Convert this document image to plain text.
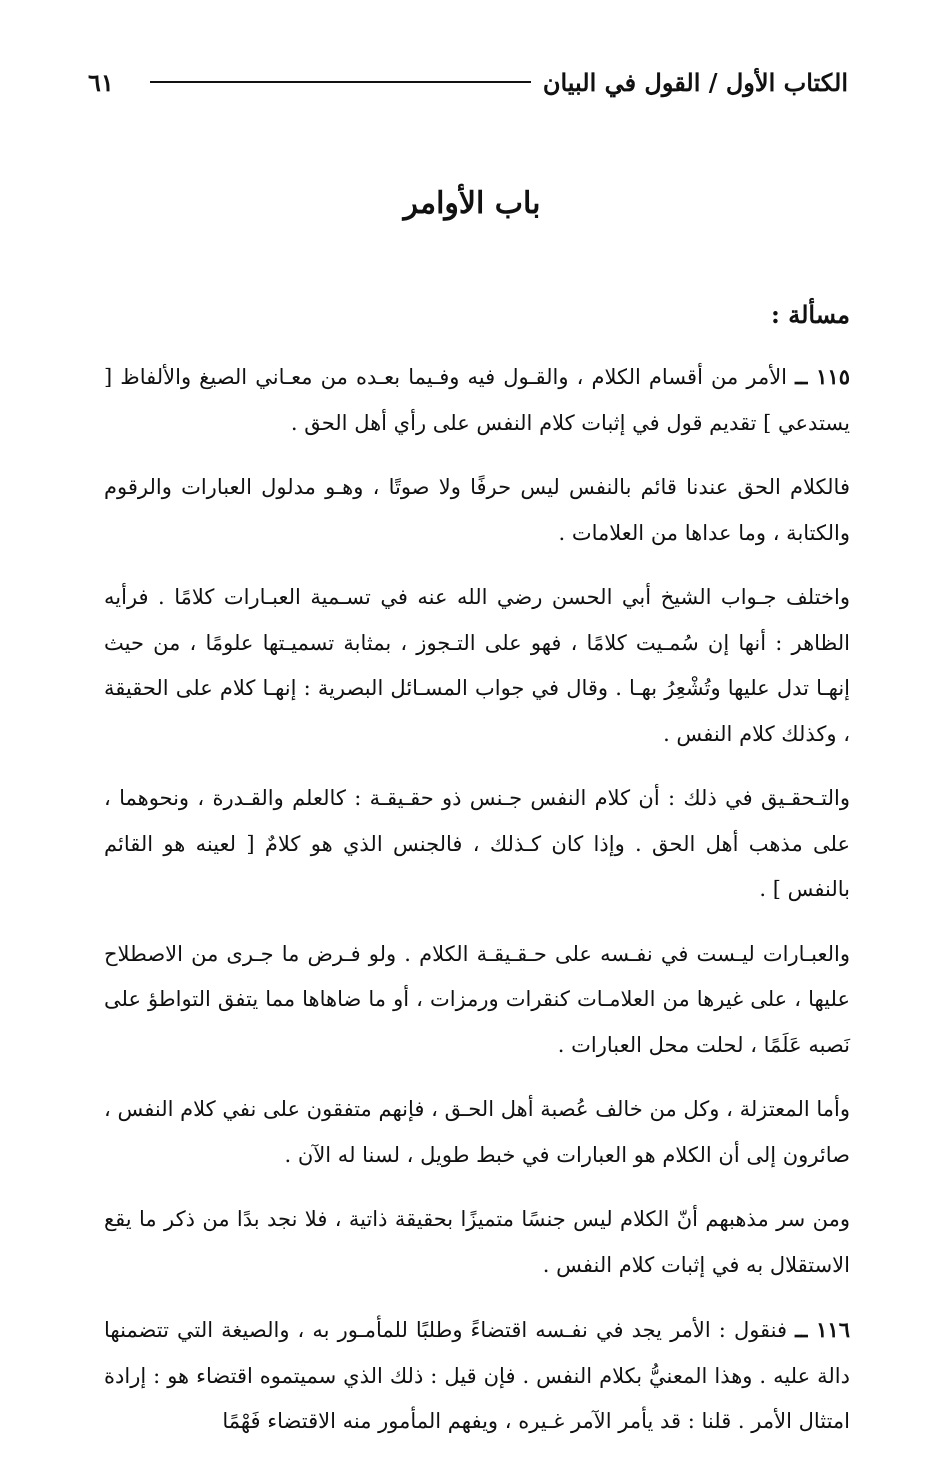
٦١	الكتاب الأول / القول في البيان
باب الأوامر
مسألة :

١١٥ ــ الأمر من أقسام الكلام ، والقـول فيه وفـيما بعـده من معـاني الصيغ والألفاظ [ يستدعي ] تقديم قول في إثبات كلام النفس على رأي أهل الحق .

فالكلام الحق عندنا قائم بالنفس ليس حرفًا ولا صوتًا ، وهـو مدلول العبارات والرقوم والكتابة ، وما عداها من العلامات .

واختلف جـواب الشيخ أبي الحسن رضي الله عنه في تسـمية العبـارات كلامًا . فرأيه الظاهر : أنها إن سُمـيت كلامًا ، فهو على التـجوز ، بمثابة تسميـتها علومًا ، من حيث إنهـا تدل عليها وتُشْعِرُ بهـا . وقال في جواب المسـائل البصرية : إنهـا كلام على الحقيقة ، وكذلك كلام النفس .

والتـحقـيق في ذلك : أن كلام النفس جـنس ذو حقـيقـة : كالعلم والقـدرة ، ونحوهما ، على مذهب أهل الحق . وإذا كان كـذلك ، فالجنس الذي هو كلامٌ [ لعينه هو القائم بالنفس ] .

والعبـارات ليـست في نفـسه على حـقـيقـة الكلام . ولو فـرض ما جـرى من الاصطلاح عليها ، على غيرها من العلامـات كنقرات ورمزات ، أو ما ضاهاها مما يتفق التواطؤ على نَصبه عَلَمًا ، لحلت محل العبارات .

وأما المعتزلة ، وكل من خالف عُصبة أهل الحـق ، فإنهم متفقون على نفي كلام النفس ، صائرون إلى أن الكلام هو العبارات في خبط طويل ، لسنا له الآن .

ومن سر مذهبهم أنّ الكلام ليس جنسًا متميزًا بحقيقة ذاتية ، فلا نجد بدًا من ذكر ما يقع الاستقلال به في إثبات كلام النفس .

١١٦ ــ فنقول : الأمر يجد في نفـسه اقتضاءً وطلبًا للمأمـور به ، والصيغة التي تتضمنها دالة عليه . وهذا المعنيُّ بكلام النفس . فإن قيل : ذلك الذي سميتموه اقتضاء هو : إرادة امتثال الأمر . قلنا : قد يأمر الآمر غـيره ، ويفهم المأمور منه الاقتضاء فَهْمًا
